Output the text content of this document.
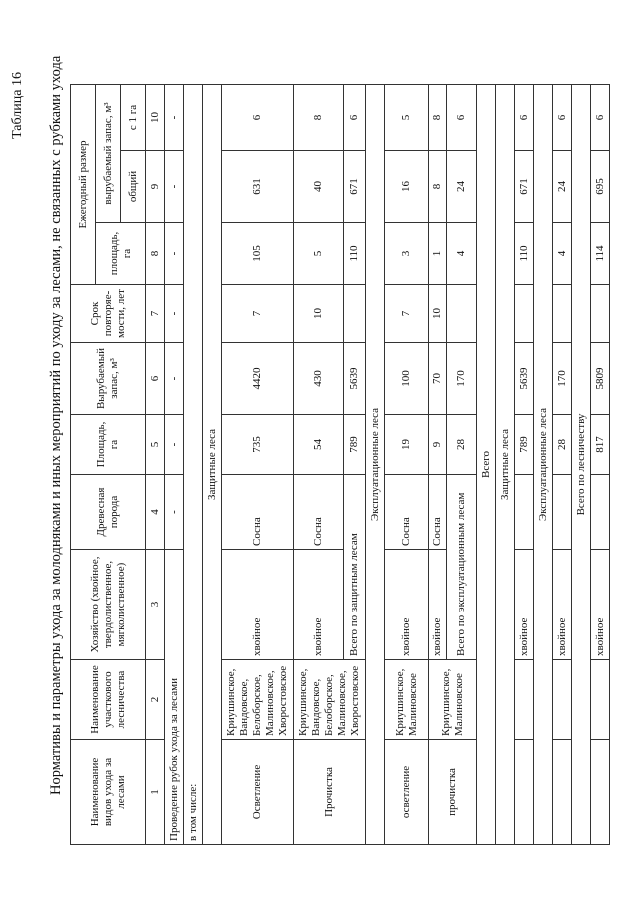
Таблица 16 Нормативы и параметры ухода за молодняками и иных мероприятий по уходу за лесами, не связанных с рубками ухода Наименование видов ухода за лесами	Наименование участкового лесничества	Хозяйство (хвойное, твердолиственное, мягколиственное)	Древесная порода	Площадь, га	Вырубаемый запас, м³	Срок повторяе-мости, лет	Ежегодный размер		
							площадь, га	вырубаемый запас, м³	
								общий	с 1 га
1	2	3	4	5	6	7	8	9	10
Проведение рубок ухода за лесами			-	-	-	-	-	-	-
в том числе:									
Защитные леса									
Осветление	Криушинское, Вандовское, Белоборское, Малиновское, Хворостовское	хвойное	Сосна	735	4420	7	105	631	6
Прочистка	Криушинское, Вандовское, Белоборское, Малиновское, Хворостовское	хвойное	Сосна	54	430	10	5	40	8
		Всего по защитным лесам		789	5639		110	671	6
Эксплуатационные леса									
осветление	Криушинское, Малиновское	хвойное	Сосна	19	100	7	3	16	5
прочистка	Криушинское, Малиновское	хвойное	Сосна	9	70	10	1	8	8
		Всего по эксплуатационным лесам		28	170		4	24	6
Всего									
Защитные леса									
		хвойное		789	5639		110	671	6
Эксплуатационные леса									
		хвойное		28	170		4	24	6
Всего по лесничеству									
		хвойное		817	5809		114	695	6
